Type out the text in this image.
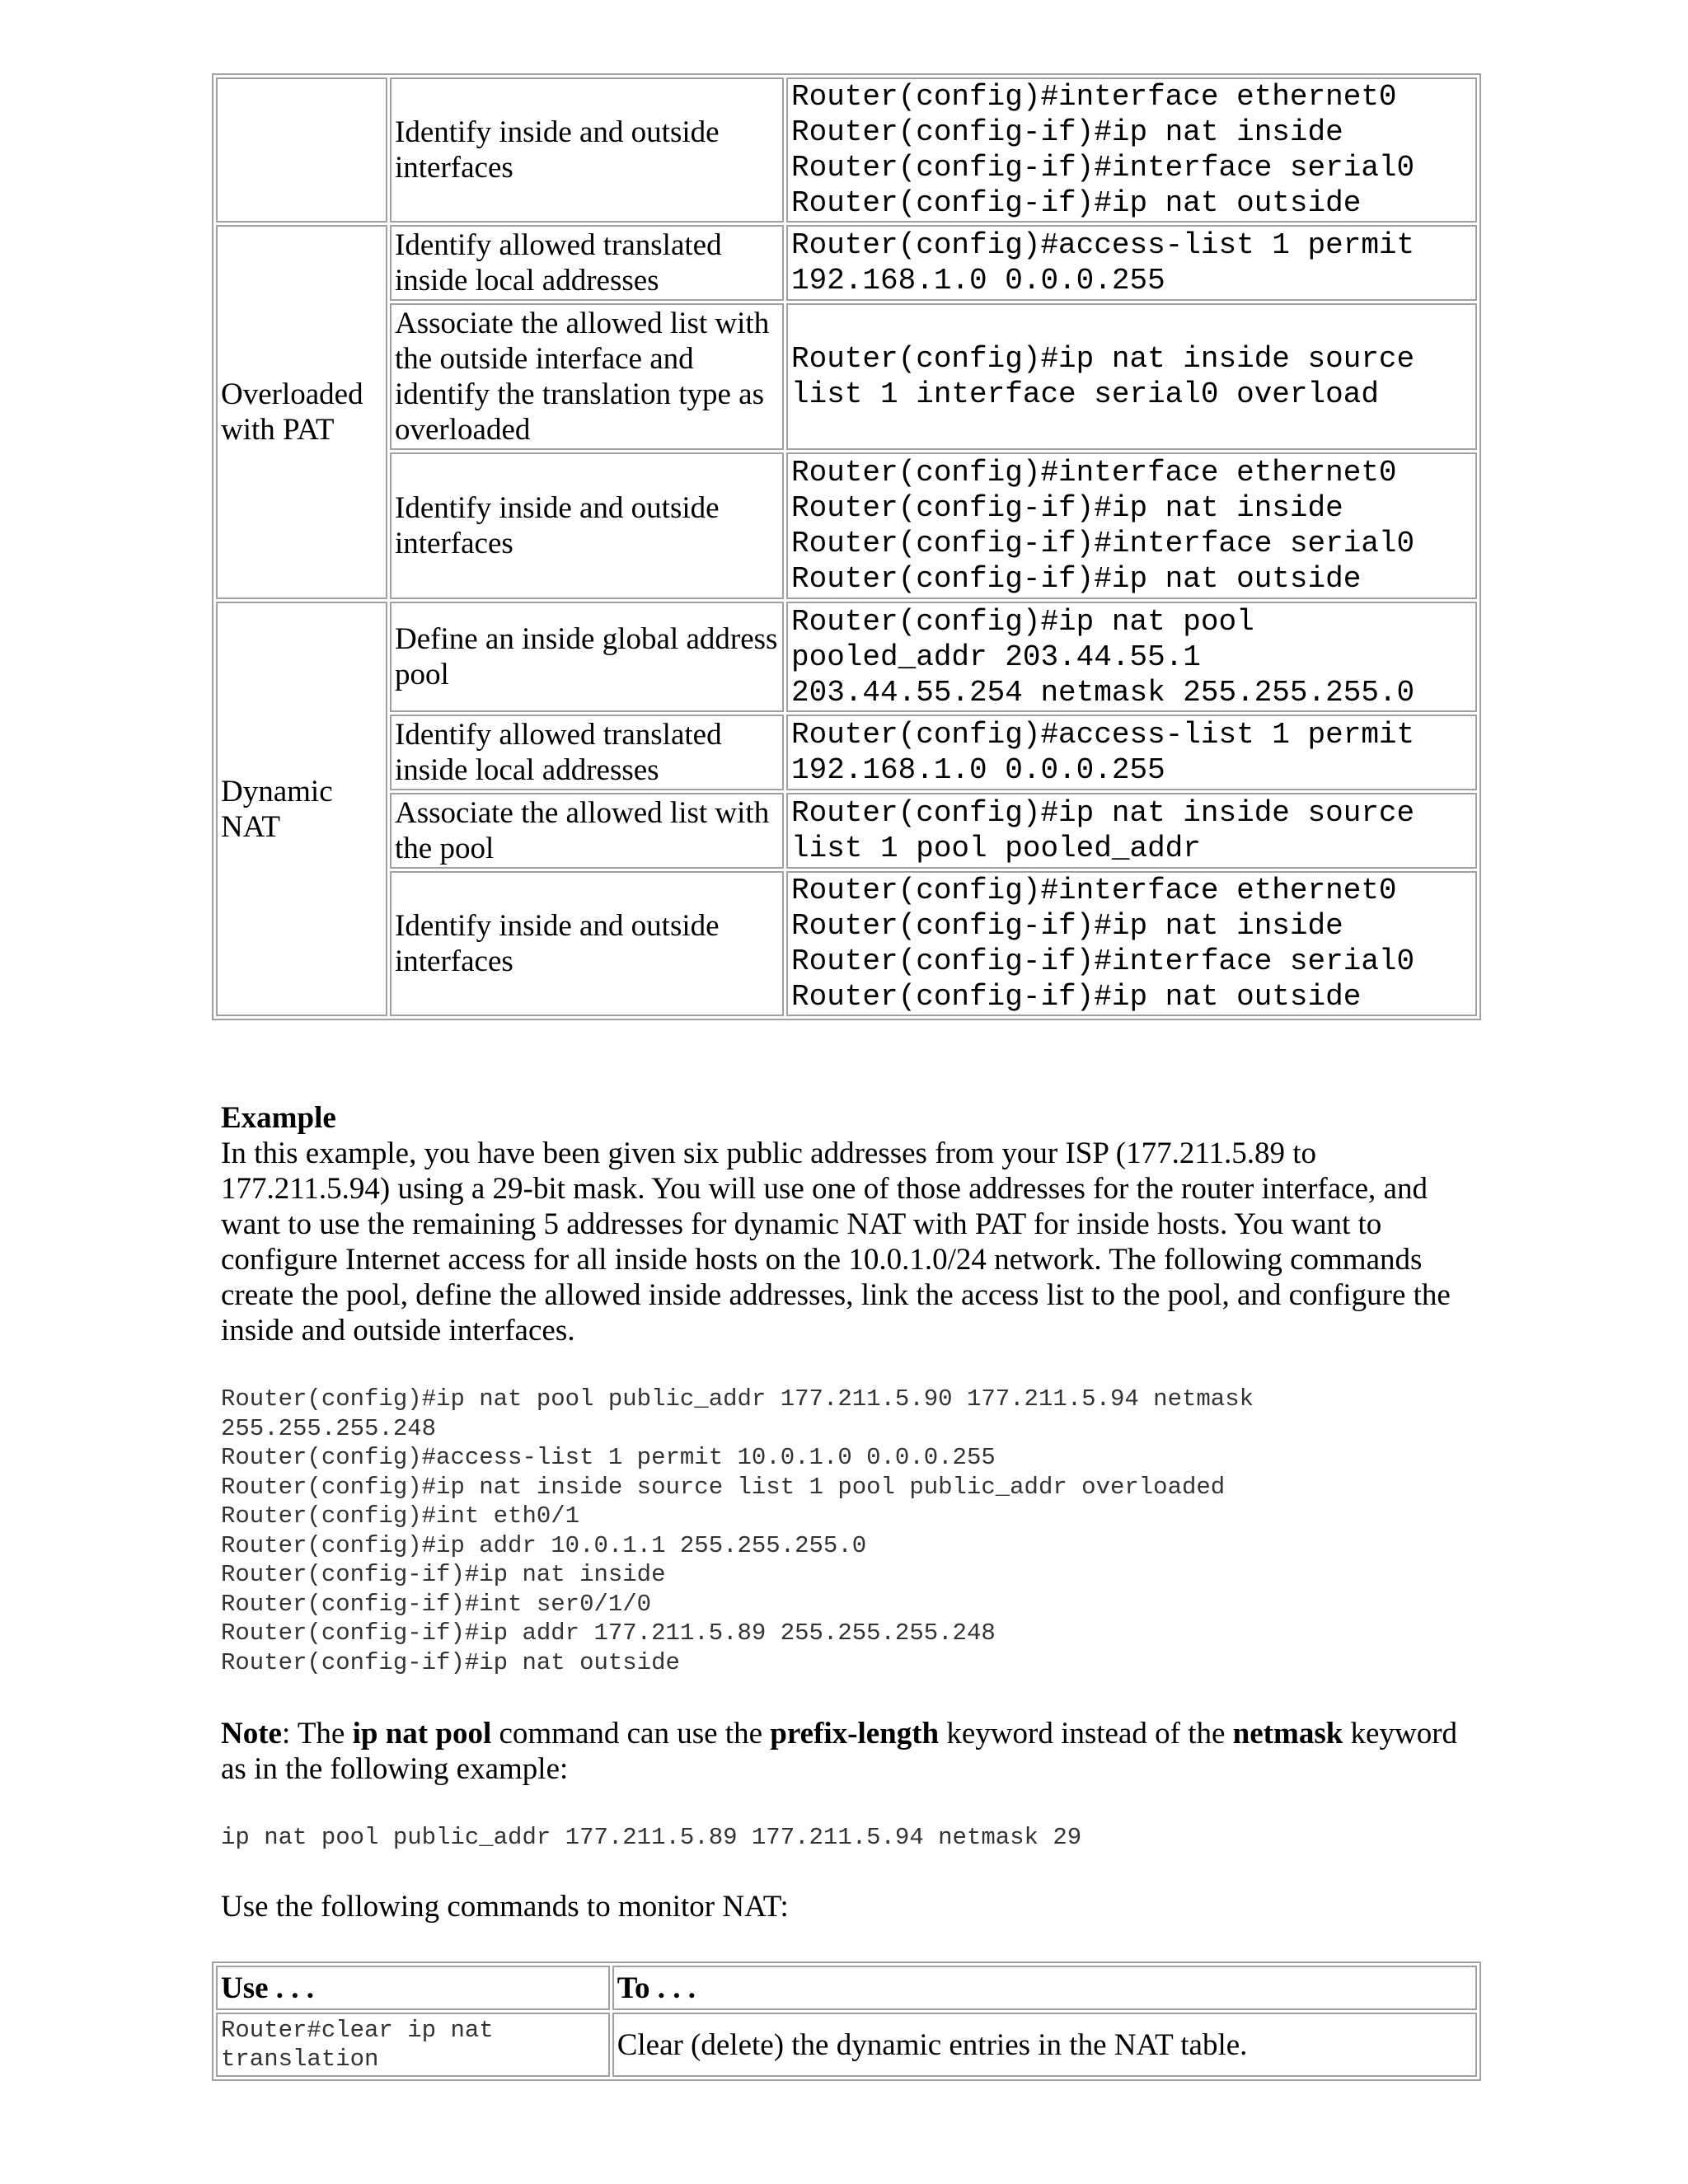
	Identify inside and outside interfaces	Router(config)#interface ethernet0
Router(config-if)#ip nat inside
Router(config-if)#interface serial0
Router(config-if)#ip nat outside

Overloaded with PAT	Identify allowed translated inside local addresses	Router(config)#access-list 1 permit
192.168.1.0 0.0.0.255

	Associate the allowed list with the outside interface and identify the translation type as overloaded	Router(config)#ip nat inside source
list 1 interface serial0 overload

	Identify inside and outside interfaces	Router(config)#interface ethernet0
Router(config-if)#ip nat inside
Router(config-if)#interface serial0
Router(config-if)#ip nat outside

Dynamic NAT	Define an inside global address pool	Router(config)#ip nat pool
pooled_addr 203.44.55.1
203.44.55.254 netmask 255.255.255.0

	Identify allowed translated inside local addresses	Router(config)#access-list 1 permit
192.168.1.0 0.0.0.255

	Associate the allowed list with the pool	Router(config)#ip nat inside source
list 1 pool pooled_addr

	Identify inside and outside interfaces	Router(config)#interface ethernet0
Router(config-if)#ip nat inside
Router(config-if)#interface serial0
Router(config-if)#ip nat outside
Example
In this example, you have been given six public addresses from your ISP (177.211.5.89 to 177.211.5.94) using a 29-bit mask. You will use one of those addresses for the router interface, and want to use the remaining 5 addresses for dynamic NAT with PAT for inside hosts. You want to configure Internet access for all inside hosts on the 10.0.1.0/24 network. The following commands create the pool, define the allowed inside addresses, link the access list to the pool, and configure the inside and outside interfaces.
Router(config)#ip nat pool public_addr 177.211.5.90 177.211.5.94 netmask
255.255.255.248
Router(config)#access-list 1 permit 10.0.1.0 0.0.0.255
Router(config)#ip nat inside source list 1 pool public_addr overloaded
Router(config)#int eth0/1
Router(config)#ip addr 10.0.1.1 255.255.255.0
Router(config-if)#ip nat inside
Router(config-if)#int ser0/1/0
Router(config-if)#ip addr 177.211.5.89 255.255.255.248
Router(config-if)#ip nat outside
Note: The ip nat pool command can use the prefix-length keyword instead of the netmask keyword as in the following example:
ip nat pool public_addr 177.211.5.89 177.211.5.94 netmask 29
Use the following commands to monitor NAT:
Use . . .	To . . .
Router#clear ip nat
translation	Clear (delete) the dynamic entries in the NAT table.
